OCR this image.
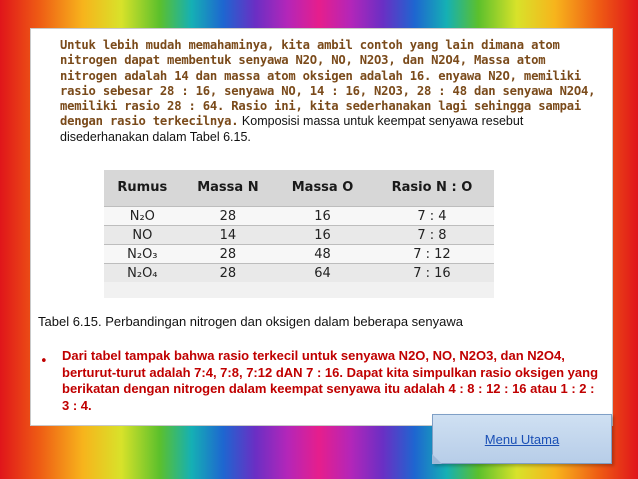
Untuk lebih mudah memahaminya, kita ambil contoh yang lain dimana atom nitrogen dapat membentuk senyawa N2O, NO, N2O3, dan N2O4, Massa atom nitrogen adalah 14 dan massa atom oksigen adalah 16. enyawa N2O, memiliki rasio sebesar 28 : 16, senyawa NO, 14 : 16, N2O3, 28 : 48 dan senyawa N2O4, memiliki rasio 28 : 64. Rasio ini, kita sederhanakan lagi sehingga sampai dengan rasio terkecilnya. Komposisi massa untuk keempat senyawa resebut disederhanakan dalam Tabel 6.15.
Rumus	Massa N	Massa O	Rasio N : O
N₂O	28	16	7 : 4
NO	14	16	7 : 8
N₂O₃	28	48	7 : 12
N₂O₄	28	64	7 : 16
Tabel 6.15. Perbandingan nitrogen dan oksigen dalam beberapa senyawa
• Dari tabel tampak bahwa rasio terkecil untuk senyawa N2O, NO, N2O3, dan N2O4, berturut-turut adalah 7:4, 7:8, 7:12 dAN 7 : 16. Dapat kita simpulkan rasio oksigen yang berikatan dengan nitrogen dalam keempat senyawa itu adalah 4 : 8 : 12 : 16 atau 1 : 2 : 3 : 4.
Menu Utama
